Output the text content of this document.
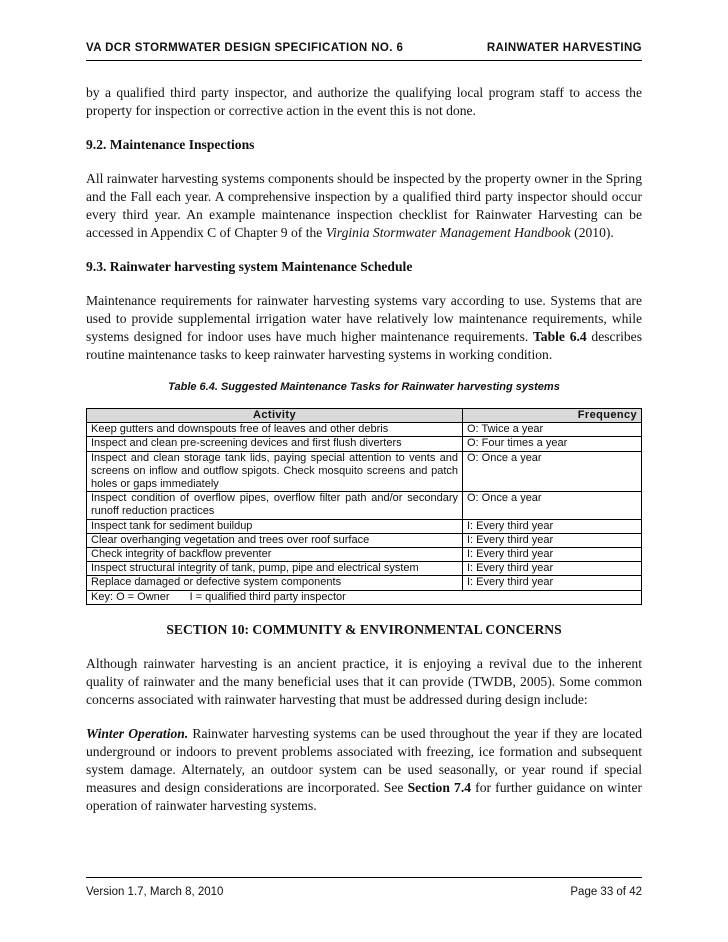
VA DCR STORMWATER DESIGN SPECIFICATION NO. 6	RAINWATER HARVESTING

by a qualified third party inspector, and authorize the qualifying local program staff to access the property for inspection or corrective action in the event this is not done.

9.2. Maintenance Inspections

All rainwater harvesting systems components should be inspected by the property owner in the Spring and the Fall each year. A comprehensive inspection by a qualified third party inspector should occur every third year. An example maintenance inspection checklist for Rainwater Harvesting can be accessed in Appendix C of Chapter 9 of the Virginia Stormwater Management Handbook (2010).

9.3. Rainwater harvesting system Maintenance Schedule

Maintenance requirements for rainwater harvesting systems vary according to use. Systems that are used to provide supplemental irrigation water have relatively low maintenance requirements, while systems designed for indoor uses have much higher maintenance requirements. Table 6.4 describes routine maintenance tasks to keep rainwater harvesting systems in working condition.

Table 6.4. Suggested Maintenance Tasks for Rainwater harvesting systems
Activity	Frequency
Keep gutters and downspouts free of leaves and other debris	O: Twice a year
Inspect and clean pre-screening devices and first flush diverters	O: Four times a year
Inspect and clean storage tank lids, paying special attention to vents and screens on inflow and outflow spigots. Check mosquito screens and patch holes or gaps immediately	O: Once a year
Inspect condition of overflow pipes, overflow filter path and/or secondary runoff reduction practices	O: Once a year
Inspect tank for sediment buildup	I: Every third year
Clear overhanging vegetation and trees over roof surface	I: Every third year
Check integrity of backflow preventer	I: Every third year
Inspect structural integrity of tank, pump, pipe and electrical system	I: Every third year
Replace damaged or defective system components	I: Every third year
Key: O = Owner I = qualified third party inspector	
SECTION 10: COMMUNITY & ENVIRONMENTAL CONCERNS

Although rainwater harvesting is an ancient practice, it is enjoying a revival due to the inherent quality of rainwater and the many beneficial uses that it can provide (TWDB, 2005). Some common concerns associated with rainwater harvesting that must be addressed during design include:

Winter Operation. Rainwater harvesting systems can be used throughout the year if they are located underground or indoors to prevent problems associated with freezing, ice formation and subsequent system damage. Alternately, an outdoor system can be used seasonally, or year round if special measures and design considerations are incorporated. See Section 7.4 for further guidance on winter operation of rainwater harvesting systems.

Version 1.7, March 8, 2010	Page 33 of 42
